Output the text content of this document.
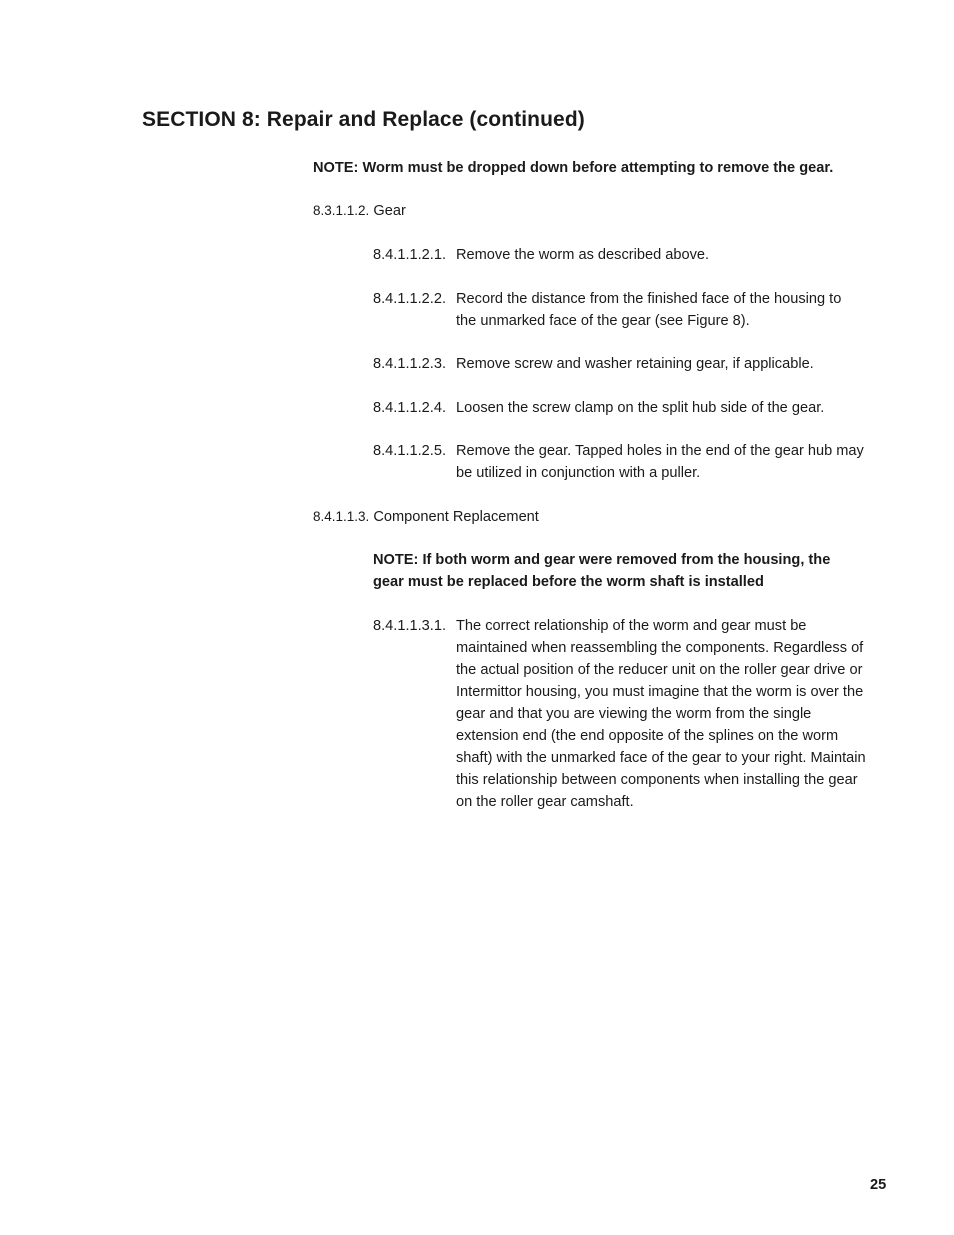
SECTION 8: Repair and Replace (continued)
NOTE: Worm must be dropped down before attempting to remove the gear.
8.3.1.1.2. Gear
8.4.1.1.2.1. Remove the worm as described above.
8.4.1.1.2.2. Record the distance from the finished face of the housing to the unmarked face of the gear (see Figure 8).
8.4.1.1.2.3. Remove screw and washer retaining gear, if applicable.
8.4.1.1.2.4. Loosen the screw clamp on the split hub side of the gear.
8.4.1.1.2.5. Remove the gear. Tapped holes in the end of the gear hub may be utilized in conjunction with a puller.
8.4.1.1.3. Component Replacement
NOTE: If both worm and gear were removed from the housing, the gear must be replaced before the worm shaft is installed
8.4.1.1.3.1. The correct relationship of the worm and gear must be maintained when reassembling the components. Regardless of the actual position of the reducer unit on the roller gear drive or Intermittor housing, you must imagine that the worm is over the gear and that you are viewing the worm from the single extension end (the end opposite of the splines on the worm shaft) with the unmarked face of the gear to your right. Maintain this relationship between components when installing the gear on the roller gear camshaft.
25
